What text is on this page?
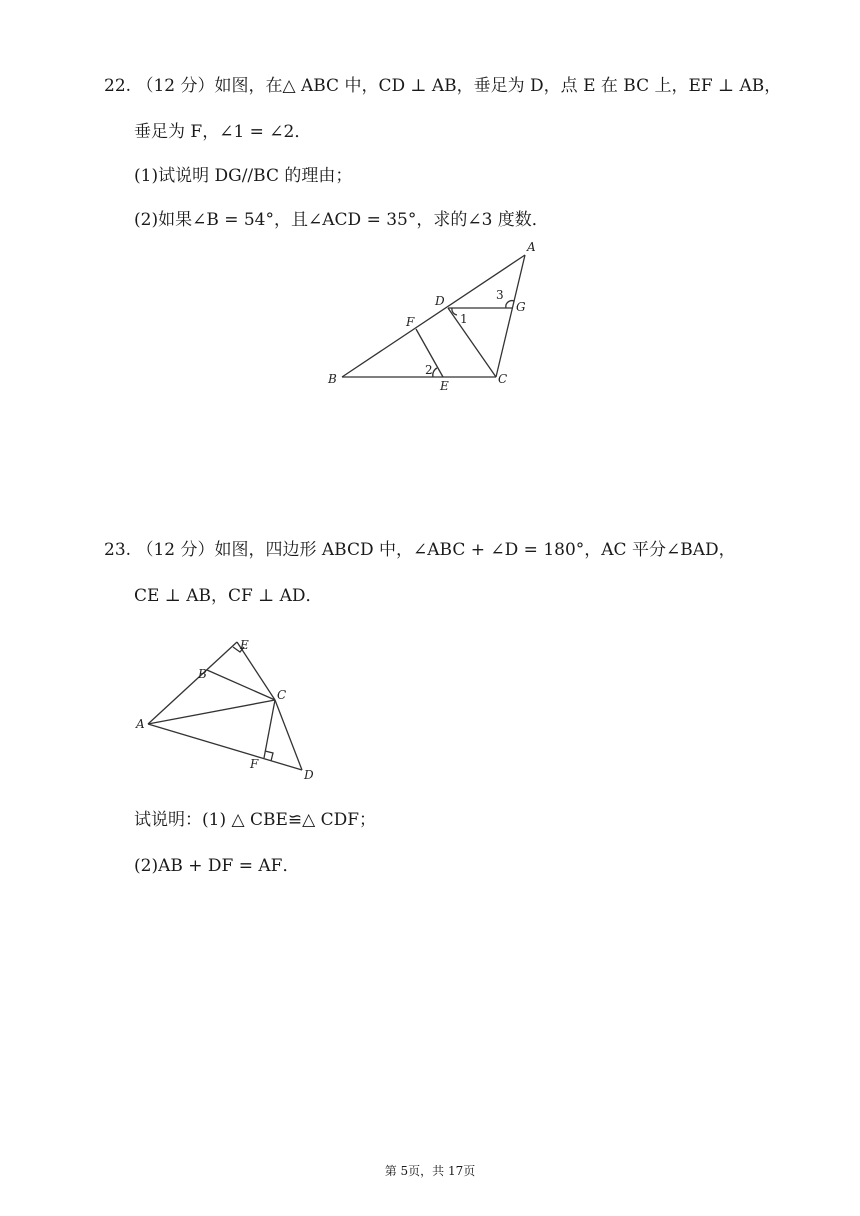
22. （12 分）如图，在△ ABC 中，CD ⊥ AB，垂足为 D，点 E 在 BC 上，EF ⊥ AB，
垂足为 F，∠1 = ∠2．
(1)试说明 DG//BC 的理由；
(2)如果∠B = 54°，且∠ACD = 35°，求的∠3 度数．
A
B	C
D
E
F
G
1
2
3
23. （12 分）如图，四边形 ABCD 中，∠ABC + ∠D = 180°，AC 平分∠BAD，
CE ⊥ AB，CF ⊥ AD．
A
B
C
D
E
F
试说明：(1) △ CBE≌△ CDF；
(2)AB + DF = AF．
第 5页，共 17页
